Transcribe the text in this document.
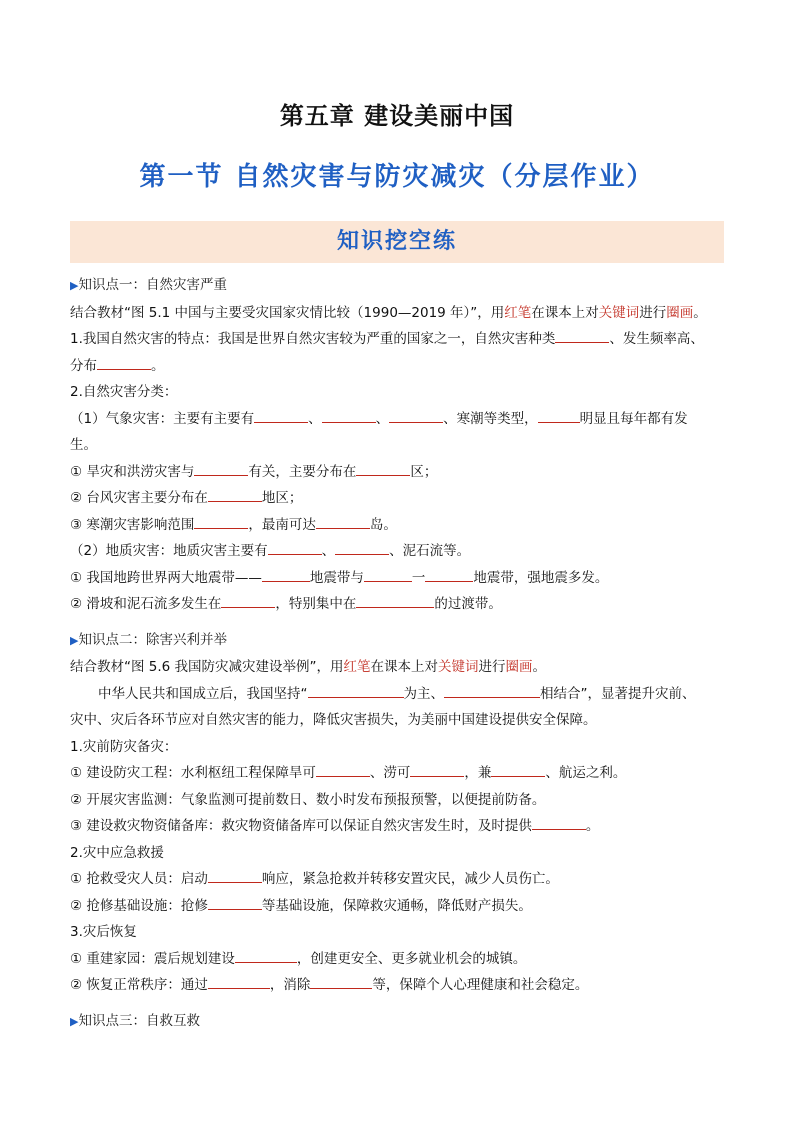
第五章 建设美丽中国
第一节 自然灾害与防灾减灾（分层作业）
知识挖空练
▶知识点一：自然灾害严重
结合教材“图 5.1 中国与主要受灾国家灾情比较（1990—2019 年）”，用红笔在课本上对关键词进行圈画。
1.我国自然灾害的特点：我国是世界自然灾害较为严重的国家之一，自然灾害种类	、发生频率高、
分布	。
2.自然灾害分类：
（1）气象灾害：主要有主要有	、	、	、寒潮等类型，	明显且每年都有发
生。
① 旱灾和洪涝灾害与	有关，主要分布在	区；
② 台风灾害主要分布在	地区；
③ 寒潮灾害影响范围	，最南可达	岛。
（2）地质灾害：地质灾害主要有	、	、泥石流等。
① 我国地跨世界两大地震带——	地震带与	一	地震带，强地震多发。
② 滑坡和泥石流多发生在	，特别集中在	的过渡带。
▶知识点二：除害兴利并举
结合教材“图 5.6 我国防灾减灾建设举例”，用红笔在课本上对关键词进行圈画。
中华人民共和国成立后，我国坚持“	为主、	相结合”，显著提升灾前、
灾中、灾后各环节应对自然灾害的能力，降低灾害损失，为美丽中国建设提供安全保障。
1.灾前防灾备灾：
① 建设防灾工程：水利枢纽工程保障旱可	、涝可	，兼	、航运之利。
② 开展灾害监测：气象监测可提前数日、数小时发布预报预警，以便提前防备。
③ 建设救灾物资储备库：救灾物资储备库可以保证自然灾害发生时，及时提供	。
2.灾中应急救援
① 抢救受灾人员：启动	响应，紧急抢救并转移安置灾民，减少人员伤亡。
② 抢修基础设施：抢修	等基础设施，保障救灾通畅，降低财产损失。
3.灾后恢复
① 重建家园：震后规划建设	，创建更安全、更多就业机会的城镇。
② 恢复正常秩序：通过	，消除	等，保障个人心理健康和社会稳定。
▶知识点三：自救互救
